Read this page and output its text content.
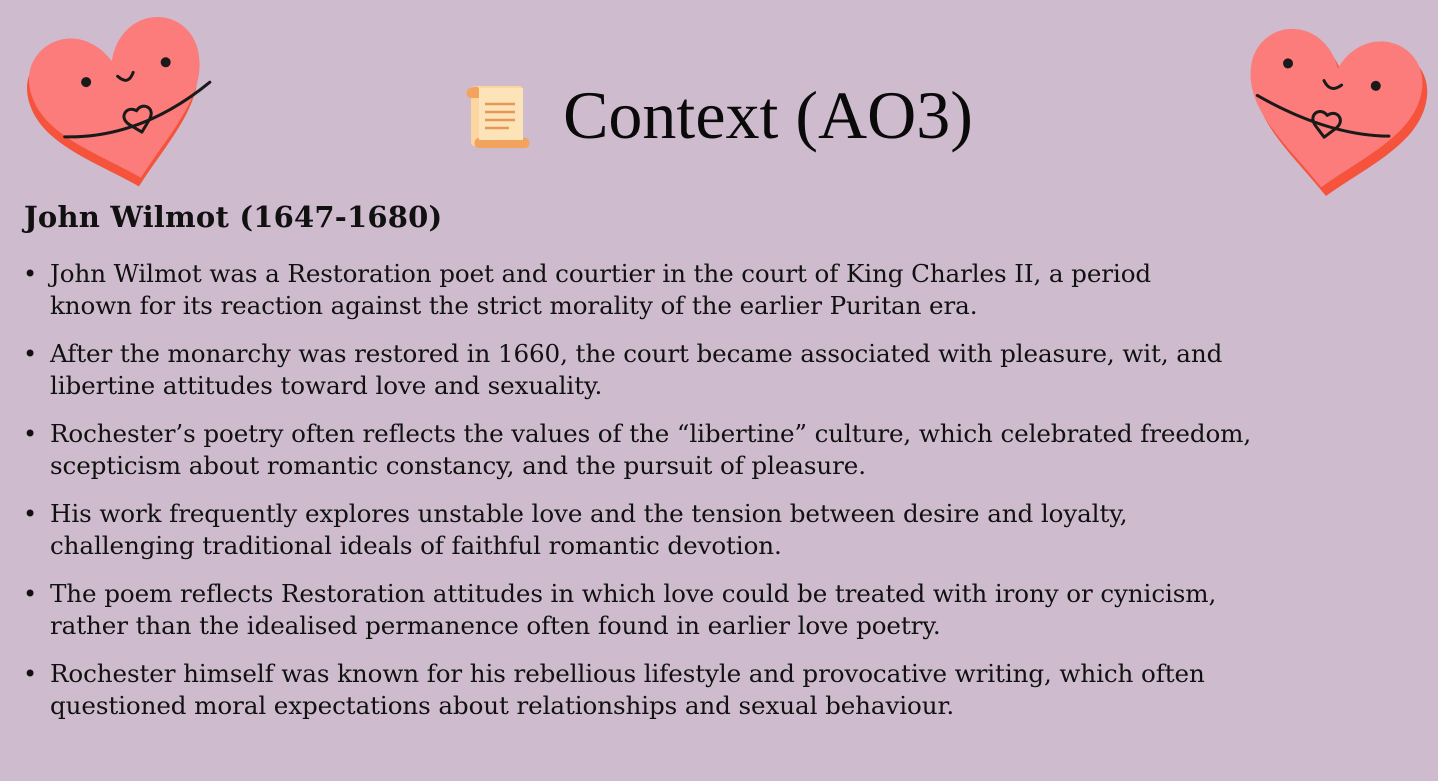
Context (AO3)
John Wilmot (1647-1680)
• John Wilmot was a Restoration poet and courtier in the court of King Charles II, a period
known for its reaction against the strict morality of the earlier Puritan era.
• After the monarchy was restored in 1660, the court became associated with pleasure, wit, and
libertine attitudes toward love and sexuality.
• Rochester’s poetry often reflects the values of the “libertine” culture, which celebrated freedom,
scepticism about romantic constancy, and the pursuit of pleasure.
• His work frequently explores unstable love and the tension between desire and loyalty,
challenging traditional ideals of faithful romantic devotion.
• The poem reflects Restoration attitudes in which love could be treated with irony or cynicism,
rather than the idealised permanence often found in earlier love poetry.
• Rochester himself was known for his rebellious lifestyle and provocative writing, which often
questioned moral expectations about relationships and sexual behaviour.
